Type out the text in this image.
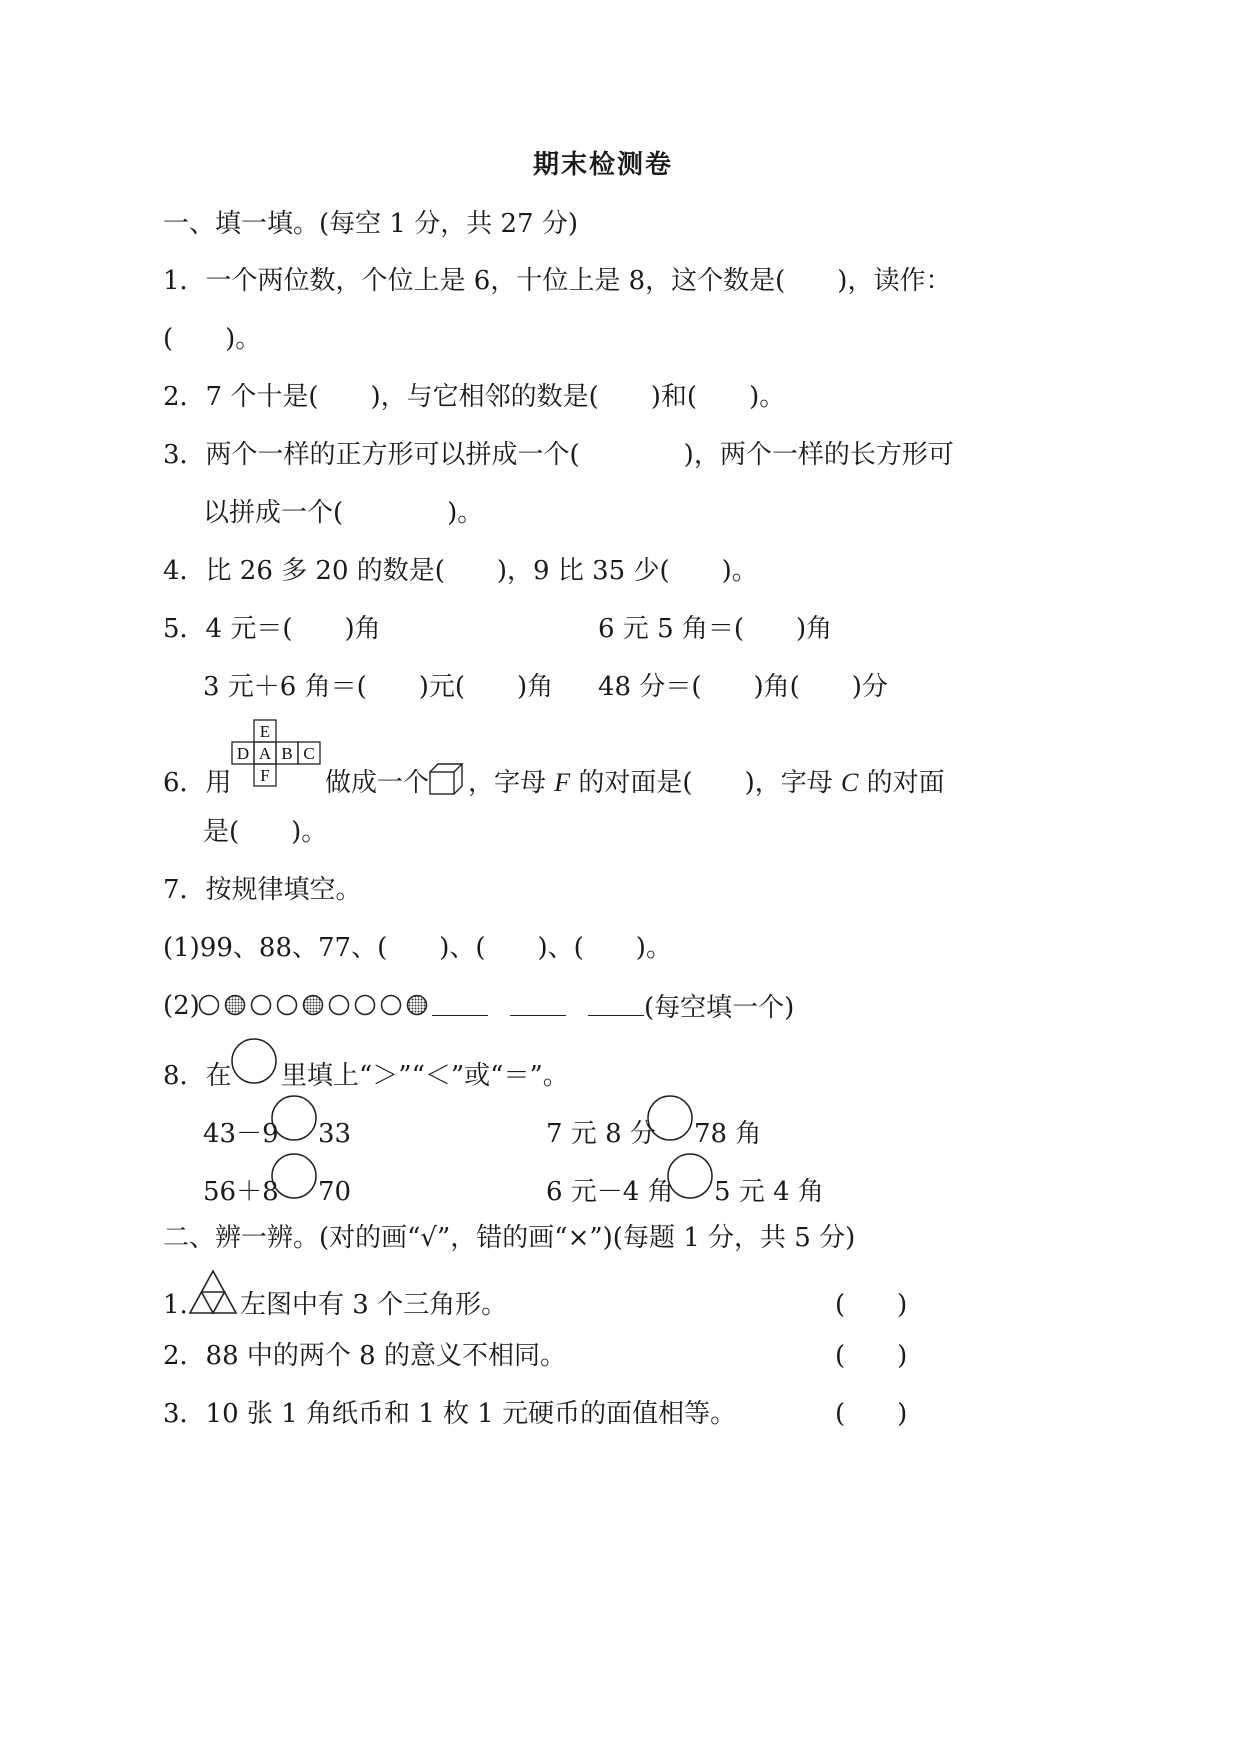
期末检测卷
一、填一填。(每空 1 分，共 27 分)
1．一个两位数，个位上是 6，十位上是 8，这个数是(　　)，读作：
(　　)。
2．7 个十是(　　)，与它相邻的数是(　　)和(　　)。
3．两个一样的正方形可以拼成一个(　　　　)，两个一样的长方形可
以拼成一个(　　　　)。
4．比 26 多 20 的数是(　　)，9 比 35 少(　　)。
5．4 元＝(　　)角	6 元 5 角＝(　　)角
3 元＋6 角＝(　　)元(　　)角 48 分＝(　　)角(　　)分
6．用
E
D A B C
F 做成一个 ，字母 F 的对面是(　　)，字母 C 的对面
是(　　)。
7．按规律填空。
(1)99、88、77、(　　)、(　　)、(　　)。
(2)	(每空填一个)
8．在 里填上“＞”“＜”或“＝”。
43－9 33	7 元 8 分 78 角
56＋8 70	6 元－4 角 5 元 4 角
二、辨一辨。(对的画“√”，错的画“×”)(每题 1 分，共 5 分)
1. 左图中有 3 个三角形。	(　　)
2．88 中的两个 8 的意义不相同。	(　　)
3．10 张 1 角纸币和 1 枚 1 元硬币的面值相等。	(　　)
